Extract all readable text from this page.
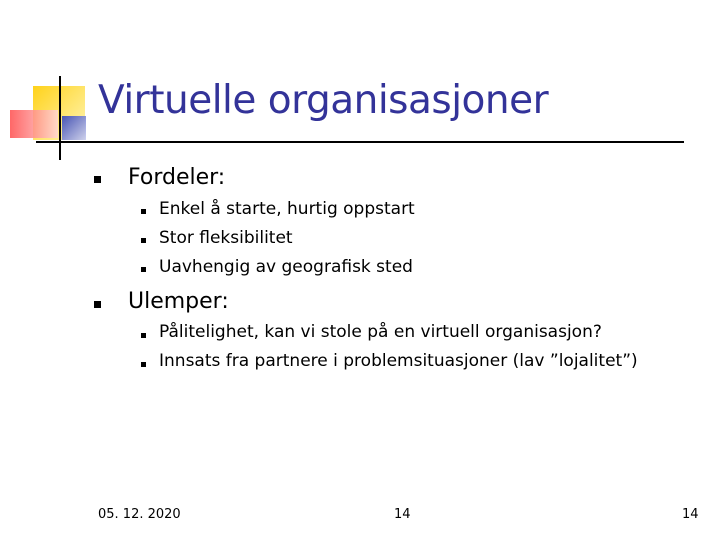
Virtuelle organisasjoner
Fordeler:
Enkel å starte, hurtig oppstart
Stor fleksibilitet
Uavhengig av geografisk sted
Ulemper:
Pålitelighet, kan vi stole på en virtuell organisasjon?
Innsats fra partnere i problemsituasjoner (lav ”lojalitet”)
05. 12. 2020	14	14
